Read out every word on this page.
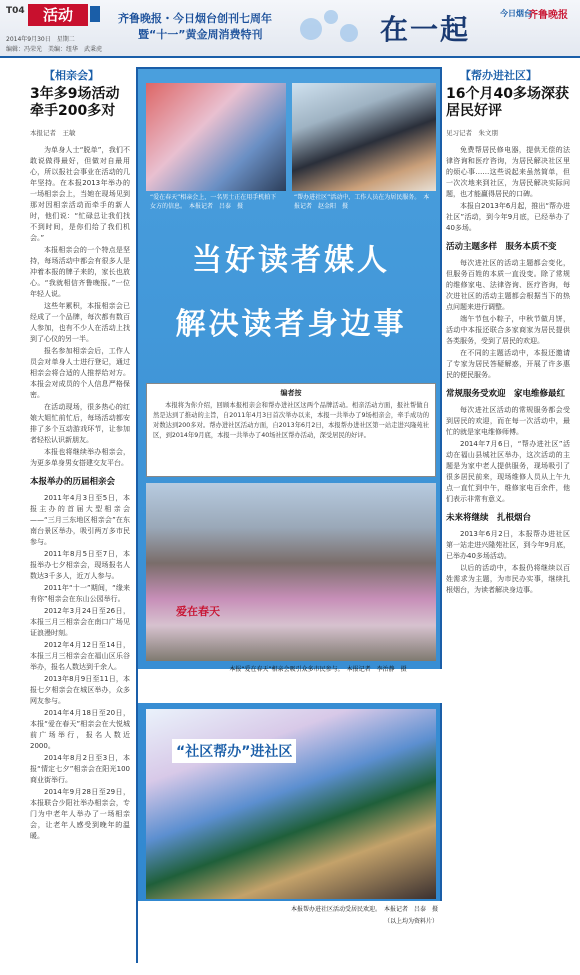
T04	活动	齐鲁晚报・今日烟台创刊七周年
暨“十一”黄金周消费特刊	在一起	今日烟台
齐鲁晚报
2014年9月30日　星期二
编辑：冯荣光　美编：纽华　武秉虎
【相亲会】
3年多9场活动牵手200多对
本报记者　王敏

为单身人士“脱单”，我们不敢说做得最好，但做对自最用心，所以报社会事业在活动的几年坚持。在本报2013年举办的一场相亲会上，当她在现场见到那对因相亲活动而牵手的新人时，他们说：“忙碌总让我们找不到时间，是你们给了我们机会。”

本报相亲会的一个特点是坚持，每场活动中都会有很多人是冲着本报的牌子来的，家长也放心。“我就相信齐鲁晚报。”一位年轻人说。

这些年累积，本报相亲会已经成了一个品牌，每次都有数百人参加，也有不少人在活动上找到了心仪的另一半。

报名参加相亲会后，工作人员会对单身人士进行登记，通过相亲会将合适的人推荐给对方。本报会对成员的个人信息严格保密。

在活动现场，很多热心的红娘大姐忙前忙后，每场活动都安排了多个互动游戏环节，让参加者轻松认识新朋友。

本报也将继续举办相亲会，为更多单身男女搭建交友平台。

本报举办的历届相亲会

2011年4月3日至5日，本报主办的首届大型相亲会——“三月三东地区相亲会”在东南台景区举办，吸引两万多市民参与。

2011年8月5日至7日，本报举办七夕相亲会，现场报名人数达3千多人，近万人参与。

2011年“十一”期间，“缘来有你”相亲会在东山公园举行。

2012年3月24日至26日，本报三月三相亲会在南口广场见证浪漫时刻。

2012年4月12日至14日，本报三月三相亲会在福山区乐谷举办，报名人数达到千余人。

2013年8月9日至11日，本报七夕相亲会在城区举办，众多网友参与。

2014年4月18日至20日，本报“爱在春天”相亲会在大悦城前广场举行，报名人数近2000。

2014年8月2日至3日，本报“情定七夕”相亲会在阳光100商业街举行。

2014年9月28日至29日，本报联合少阳社举办相亲会，专门为中老年人举办了一场相亲会，让老年人感受到晚年的温暖。

“爱在春天”相亲会上，一名男士正在用手机拍下女方的信息。　本报记者　吕泰　摄
“帮办进社区”活动中，工作人员在为居民服务。　本报记者　赵金阳　摄
当好读者媒人
解决读者身边事
编者按

本报将为你介绍，回顾本报相亲会和帮办进社区这两个品牌活动。相亲活动方面，报社帮做自然是达到了推动的主旨，自2011年4月3日首次举办以来，本报一共举办了9场相亲会，牵手成功的对数达到200多对。帮办进社区活动方面，自2013年6月2日，本报帮办进社区第一站走进兴隆苑社区，到2014年9月底，本报一共举办了40场社区帮办活动，深受居民的好评。

爱在春天
本报“爱在春天”相亲会吸引众多市民参与。　本报记者　李治静　摄
“社区帮办”进社区
本报帮办进社区活动受居民欢迎。　本报记者　吕泰　摄
（以上均为资料片）
【帮办进社区】
16个月40多场深获居民好评
见习记者　朱文朋

免费帮居民修电器，提供无偿的法律咨询和医疗咨询，为居民解决社区里的烦心事……这些说起来虽然简单，但一次次地来到社区，为居民解决实际问题，也才能赢得居民的口碑。

本报自2013年6月起，推出“帮办进社区”活动，到今年9月底，已经举办了40多场。

活动主题多样　服务本质不变

每次进社区的活动主题都会变化，但服务百姓的本质一直没变。除了常规的维修家电、法律咨询、医疗咨询，每次进社区的活动主题都会根据当下的热点问题来进行调整。

端午节包小粽子，中秋节做月饼，活动中本报还联合多家商家为居民提供各类服务，受到了居民的欢迎。

在不同的主题活动中，本报还邀请了专家为居民答疑解惑，开展了许多惠民的便民服务。

常规服务受欢迎　家电维修最红

每次进社区活动的常规服务都会受到居民的欢迎，而在每一次活动中，最忙的就是家电维修师傅。

2014年7月6日，“帮办进社区”活动在福山县城社区举办，这次活动的主题是为家中老人提供服务，现场吸引了很多居民前来，现场维修人员从上午九点一直忙到中午，维修家电百余件，他们表示非常有意义。

未来将继续　扎根烟台

2013年6月2日，本报帮办进社区第一站走进兴隆苑社区，到今年9月底，已举办40多场活动。

以后的活动中，本报仍将继续以百姓需求为主题，为市民办实事，继续扎根烟台，为读者解决身边事。
